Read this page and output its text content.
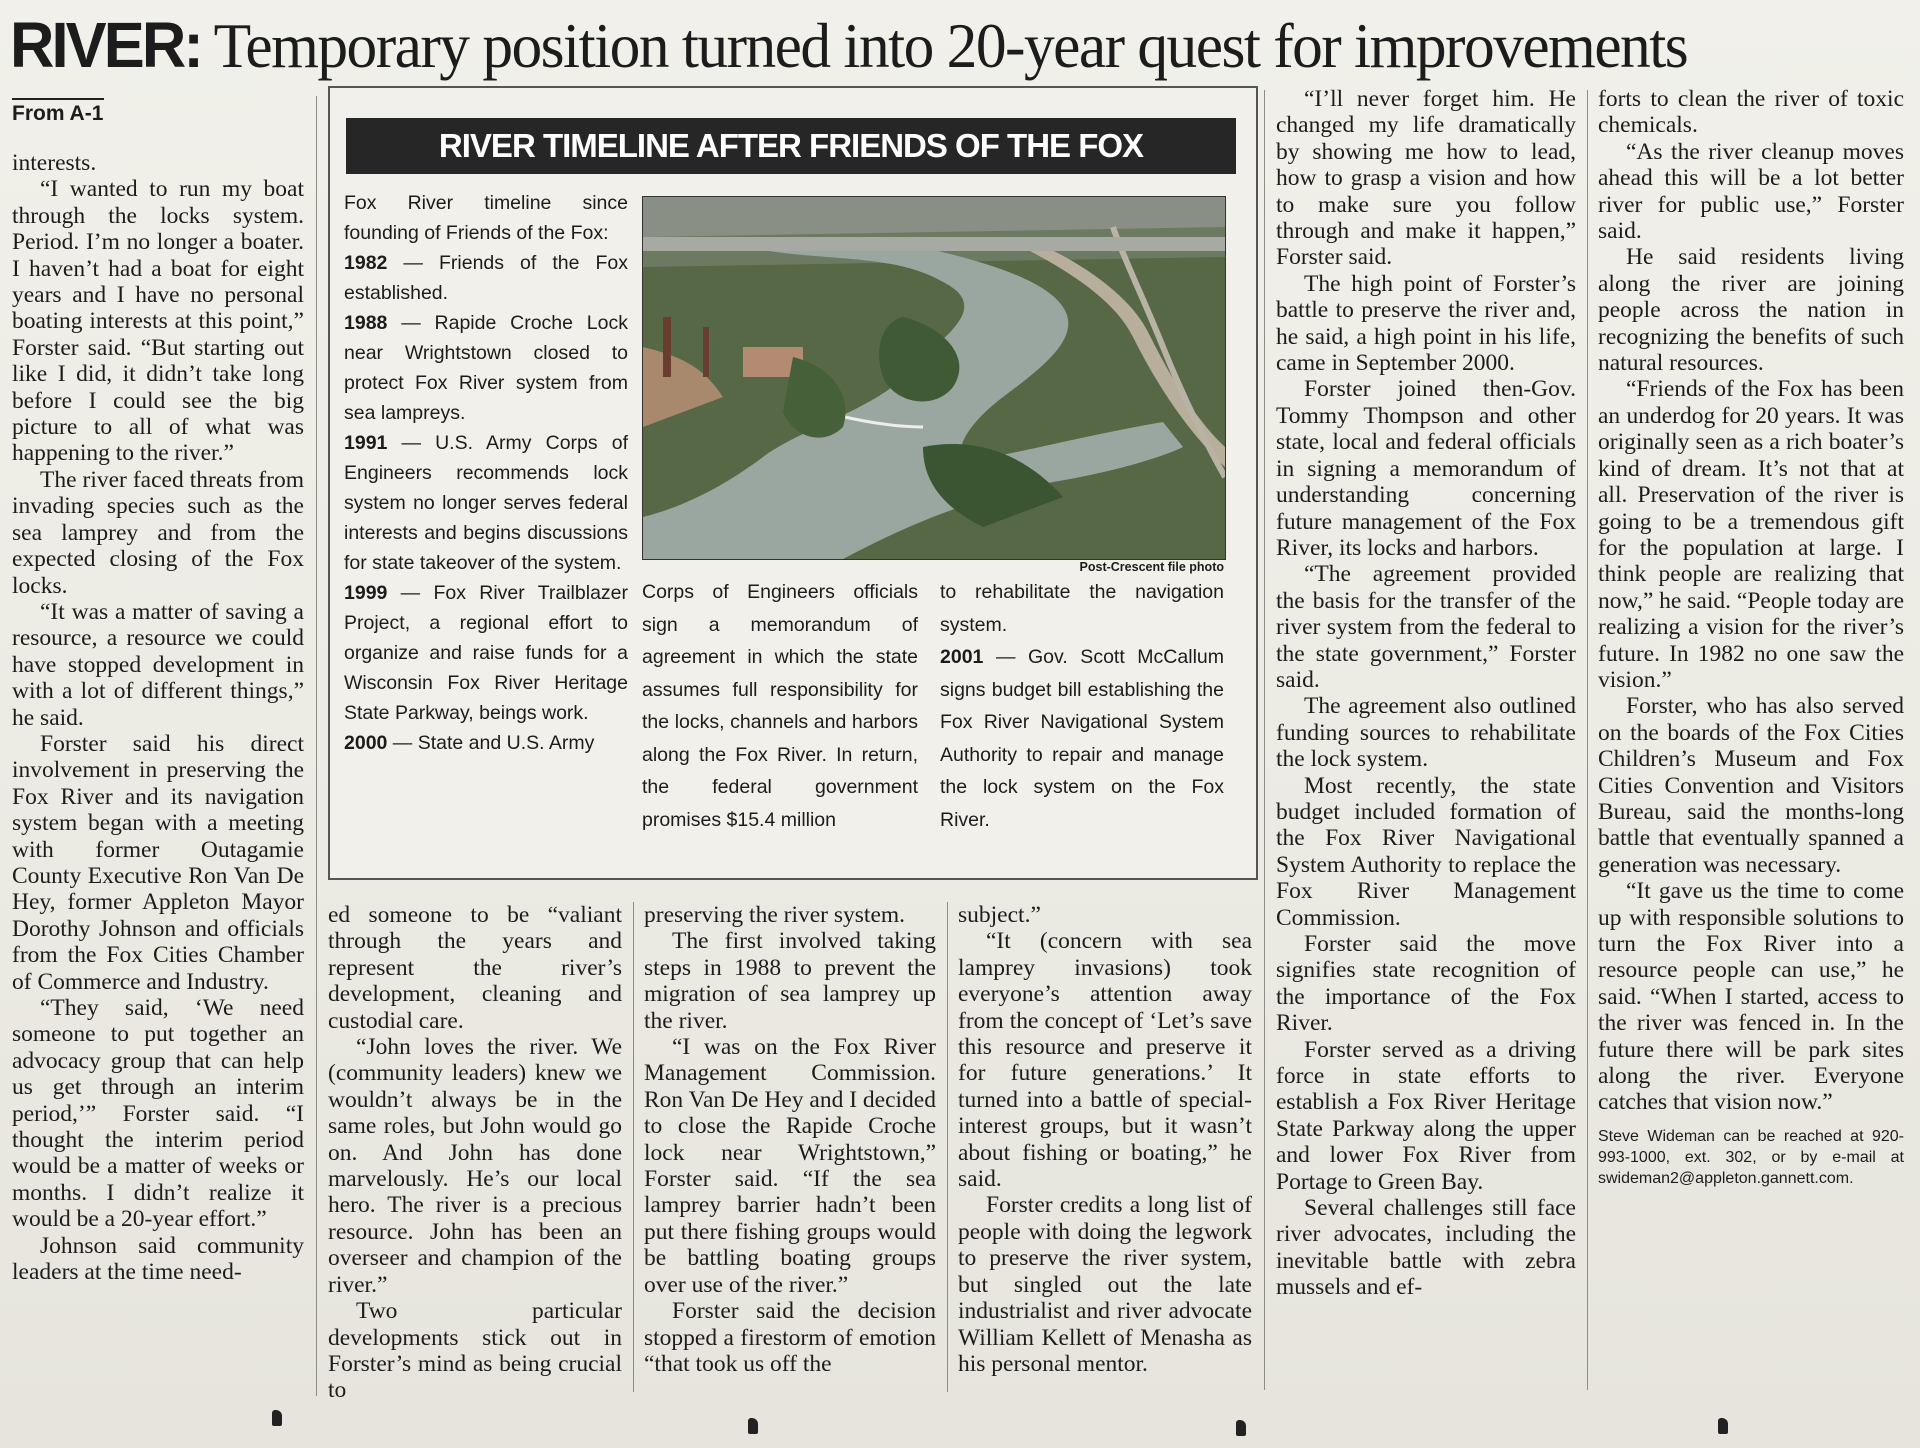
RIVER: Temporary position turned into 20-year quest for improvements
From A-1

interests.

“I wanted to run my boat through the locks system. Period. I’m no longer a boater. I haven’t had a boat for eight years and I have no personal boating interests at this point,” Forster said. “But starting out like I did, it didn’t take long before I could see the big picture to all of what was happening to the river.”

The river faced threats from invading species such as the sea lamprey and from the expected closing of the Fox locks.

“It was a matter of saving a resource, a resource we could have stopped development in with a lot of different things,” he said.

Forster said his direct involvement in preserving the Fox River and its navigation system began with a meeting with former Outagamie County Executive Ron Van De Hey, former Appleton Mayor Dorothy Johnson and officials from the Fox Cities Chamber of Commerce and Industry.

“They said, ‘We need someone to put together an advocacy group that can help us get through an interim period,’” Forster said. “I thought the interim period would be a matter of weeks or months. I didn’t realize it would be a 20-year effort.”

Johnson said community leaders at the time need-

RIVER TIMELINE AFTER FRIENDS OF THE FOX

Fox River timeline since founding of Friends of the Fox:

1982 — Friends of the Fox established.

1988 — Rapide Croche Lock near Wrightstown closed to protect Fox River system from sea lampreys.

1991 — U.S. Army Corps of Engineers recommends lock system no longer serves federal interests and begins discussions for state takeover of the system.

1999 — Fox River Trailblazer Project, a regional effort to organize and raise funds for a Wisconsin Fox River Heritage State Parkway, beings work.

2000 — State and U.S. Army

Post-Crescent file photo

Corps of Engineers officials sign a memorandum of agreement in which the state assumes full responsibility for the locks, channels and harbors along the Fox River. In return, the federal government promises $15.4 million

to rehabilitate the navigation system.

2001 — Gov. Scott McCallum signs budget bill establishing the Fox River Navigational System Authority to repair and manage the lock system on the Fox River.

ed someone to be “valiant through the years and represent the river’s development, cleaning and custodial care.

“John loves the river. We (community leaders) knew we wouldn’t always be in the same roles, but John would go on. And John has done marvelously. He’s our local hero. The river is a precious resource. John has been an overseer and champion of the river.”

Two particular developments stick out in Forster’s mind as being crucial to

preserving the river system.

The first involved taking steps in 1988 to prevent the migration of sea lamprey up the river.

“I was on the Fox River Management Commission. Ron Van De Hey and I decided to close the Rapide Croche lock near Wrightstown,” Forster said. “If the sea lamprey barrier hadn’t been put there fishing groups would be battling boating groups over use of the river.”

Forster said the decision stopped a firestorm of emotion “that took us off the

subject.”

“It (concern with sea lamprey invasions) took everyone’s attention away from the concept of ‘Let’s save this resource and preserve it for future generations.’ It turned into a battle of special-interest groups, but it wasn’t about fishing or boating,” he said.

Forster credits a long list of people with doing the legwork to preserve the river system, but singled out the late industrialist and river advocate William Kellett of Menasha as his personal mentor.

“I’ll never forget him. He changed my life dramatically by showing me how to lead, how to grasp a vision and how to make sure you follow through and make it happen,” Forster said.

The high point of Forster’s battle to preserve the river and, he said, a high point in his life, came in September 2000.

Forster joined then-Gov. Tommy Thompson and other state, local and federal officials in signing a memorandum of understanding concerning future management of the Fox River, its locks and harbors.

“The agreement provided the basis for the transfer of the river system from the federal to the state government,” Forster said.

The agreement also outlined funding sources to rehabilitate the lock system.

Most recently, the state budget included formation of the Fox River Navigational System Authority to replace the Fox River Management Commission.

Forster said the move signifies state recognition of the importance of the Fox River.

Forster served as a driving force in state efforts to establish a Fox River Heritage State Parkway along the upper and lower Fox River from Portage to Green Bay.

Several challenges still face river advocates, including the inevitable battle with zebra mussels and ef-

forts to clean the river of toxic chemicals.

“As the river cleanup moves ahead this will be a lot better river for public use,” Forster said.

He said residents living along the river are joining people across the nation in recognizing the benefits of such natural resources.

“Friends of the Fox has been an underdog for 20 years. It was originally seen as a rich boater’s kind of dream. It’s not that at all. Preservation of the river is going to be a tremendous gift for the population at large. I think people are realizing that now,” he said. “People today are realizing a vision for the river’s future. In 1982 no one saw the vision.”

Forster, who has also served on the boards of the Fox Cities Children’s Museum and Fox Cities Convention and Visitors Bureau, said the months-long battle that eventually spanned a generation was necessary.

“It gave us the time to come up with responsible solutions to turn the Fox River into a resource people can use,” he said. “When I started, access to the river was fenced in. In the future there will be park sites along the river. Everyone catches that vision now.”

Steve Wideman can be reached at 920-993-1000, ext. 302, or by e-mail at swideman2@appleton.gannett.com.
